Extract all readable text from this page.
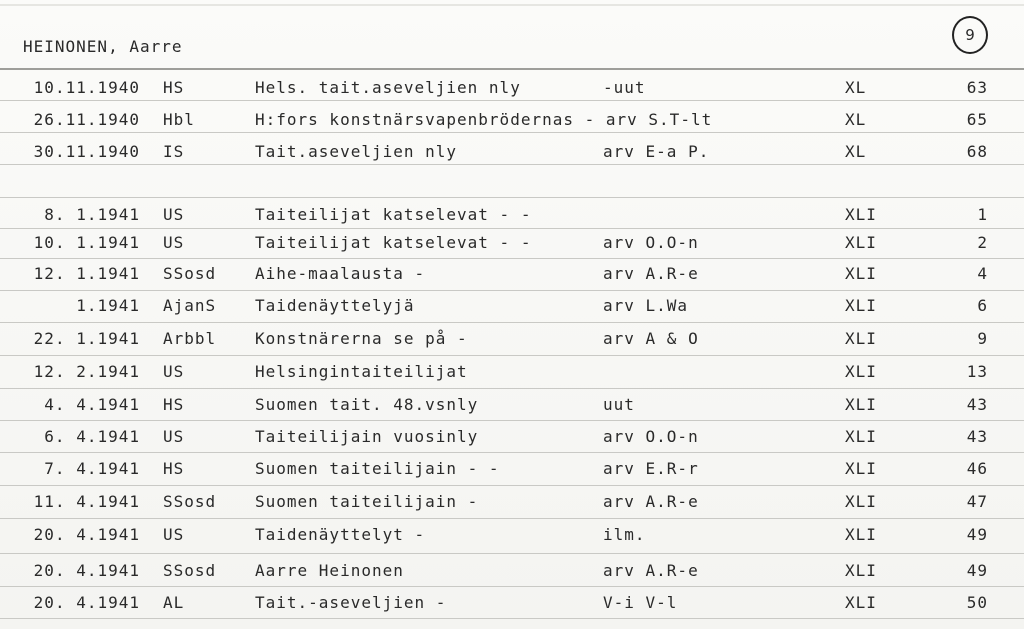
HEINONEN, Aarre
9
10.11.1940 HS	Hels. tait.aseveljien nly	-uut	XL	63
26.11.1940 Hbl	H:fors konstnärsvapenbrödernas - arv S.T-lt	XL	65
30.11.1940 IS	Tait.aseveljien nly	arv E-a P.	XL	68
8. 1.1941 US	Taiteilijat katselevat - -	XLI	1
10. 1.1941 US	Taiteilijat katselevat - -	arv O.O-n	XLI	2
12. 1.1941 SSosd Aihe-maalausta -	arv A.R-e	XLI	4
1.1941 AjanS Taidenäyttelyjä	arv L.Wa	XLI	6
22. 1.1941 Arbbl Konstnärerna se på -	arv A & O	XLI	9
12. 2.1941 US	Helsingintaiteilijat	XLI	13
4. 4.1941 HS	Suomen tait. 48.vsnly	uut	XLI	43
6. 4.1941 US	Taiteilijain vuosinly	arv O.O-n	XLI	43
7. 4.1941 HS	Suomen taiteilijain - -	arv E.R-r	XLI	46
11. 4.1941 SSosd Suomen taiteilijain -	arv A.R-e	XLI	47
20. 4.1941 US	Taidenäyttelyt -	ilm.	XLI	49
20. 4.1941 SSosd Aarre Heinonen	arv A.R-e	XLI	49
20. 4.1941 AL	Tait.-aseveljien -	V-i V-l	XLI	50
